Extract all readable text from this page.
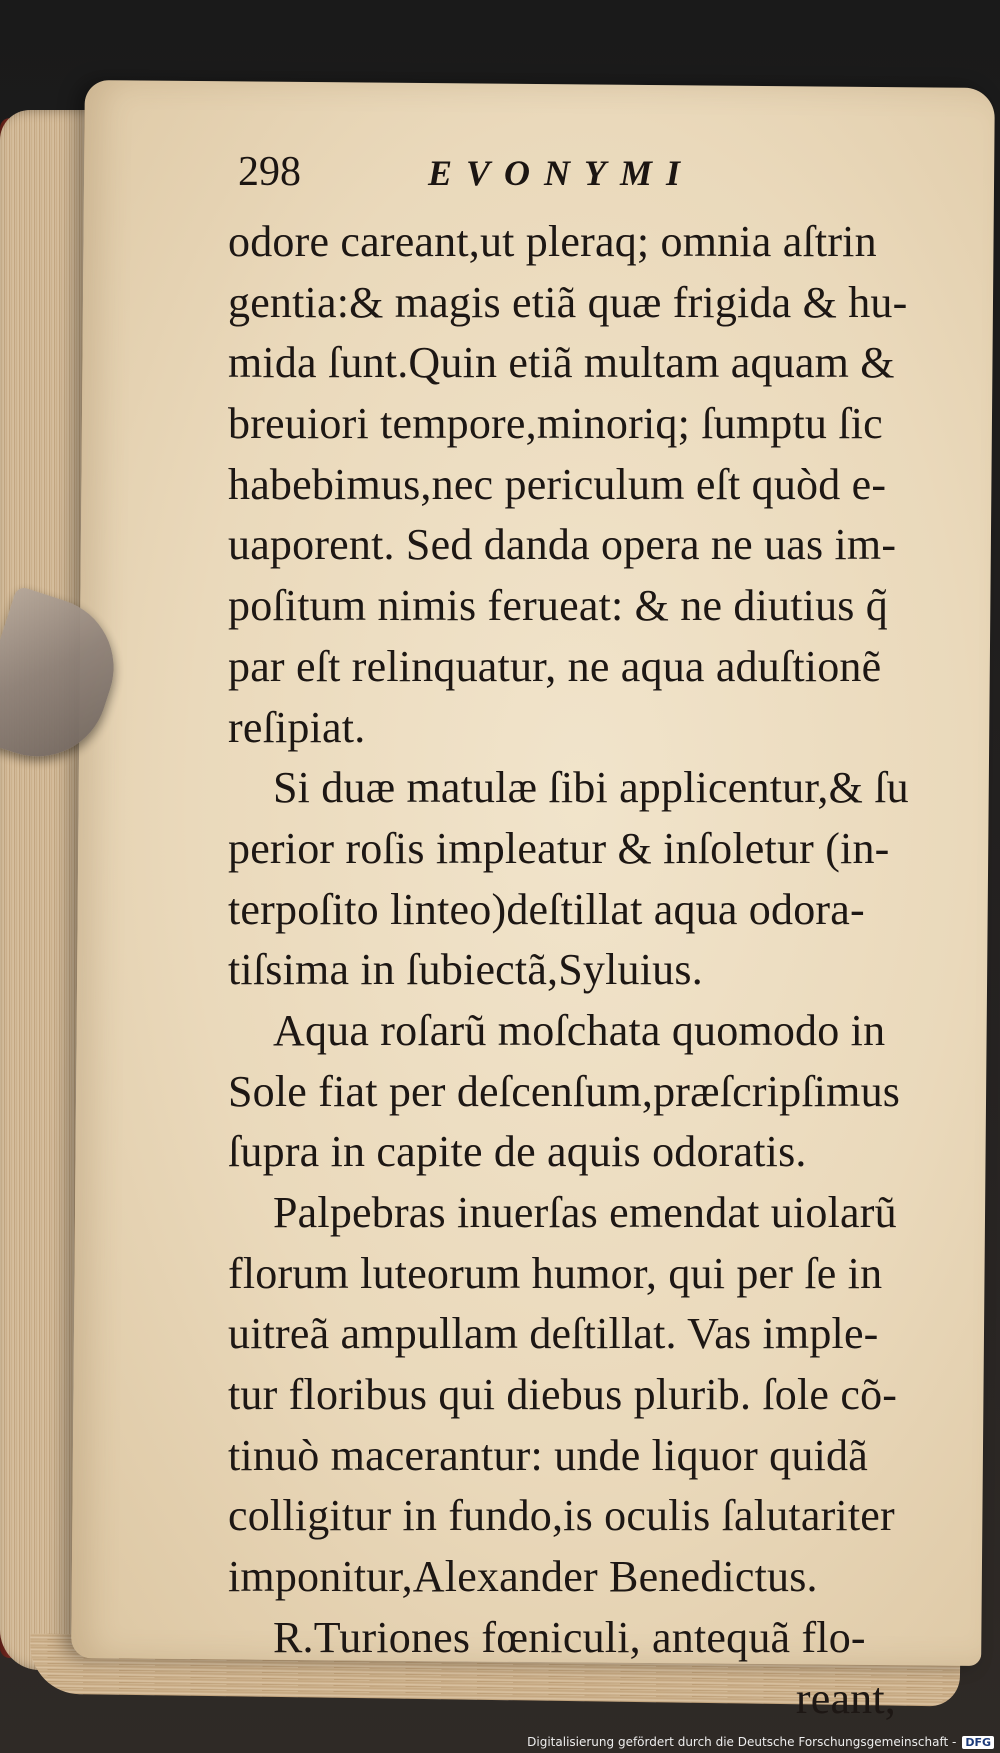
298	EVONYMI
odore careant,ut pleraq; omnia aſtrin
gentia:& magis etiã quæ frigida & hu-
mida ſunt.Quin etiã multam aquam &
breuiori tempore,minoriq; ſumptu ſic
habebimus,nec periculum eſt quòd e-
uaporent. Sed danda opera ne uas im-
poſitum nimis ferueat: & ne diutius q̃
par eſt relinquatur, ne aqua aduſtionẽ
reſipiat.
Si duæ matulæ ſibi applicentur,& ſu
perior roſis impleatur & inſoletur (in-
terpoſito linteo)deſtillat aqua odora-
tiſsima in ſubiectã,Syluius.
Aqua roſarũ moſchata quomodo in
Sole fiat per deſcenſum,præſcripſimus
ſupra in capite de aquis odoratis.
Palpebras inuerſas emendat uiolarũ
florum luteorum humor, qui per ſe in
uitreã ampullam deſtillat. Vas imple-
tur floribus qui diebus plurib. ſole cõ-
tinuò macerantur: unde liquor quidã
colligitur in fundo,is oculis ſalutariter
imponitur,Alexander Benedictus.
R.Turiones fœniculi, antequã flo-
reant,
Digitalisierung gefördert durch die Deutsche Forschungsgemeinschaft - DFG
